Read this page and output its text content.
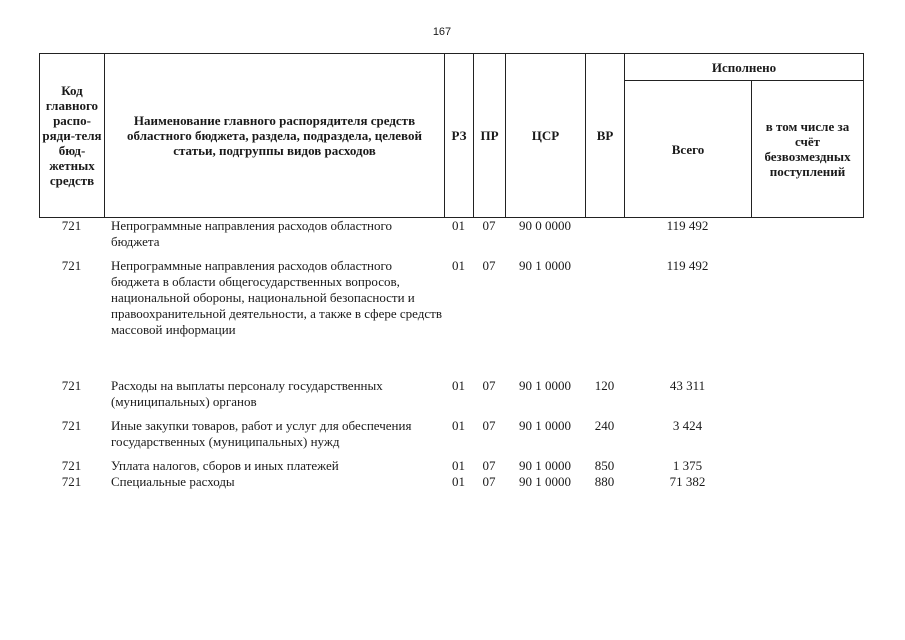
167
Код главного распо-ряди-теля бюд-жетных средств	Наименование главного распорядителя средств областного бюджета, раздела, подраздела, целевой статьи, подгруппы видов расходов	РЗ	ПР	ЦСР	ВР	Исполнено	
						Всего	в том числе за счёт безвозмездных поступлений
721	Непрограммные направления расходов областного бюджета	01	07	90 0 0000		119 492	

721	Непрограммные направления расходов областного бюджета в области общегосударственных вопросов, национальной обороны, национальной безопасности и правоохранительной деятельности, а также в сфере средств массовой информации	01	07	90 1 0000		119 492	

721	Расходы на выплаты персоналу государственных (муниципальных) органов	01	07	90 1 0000	120	43 311	

721	Иные закупки товаров, работ и услуг для обеспечения государственных (муниципальных) нужд	01	07	90 1 0000	240	3 424	

721	Уплата налогов, сборов и иных платежей	01	07	90 1 0000	850	1 375	
721	Специальные расходы	01	07	90 1 0000	880	71 382	
